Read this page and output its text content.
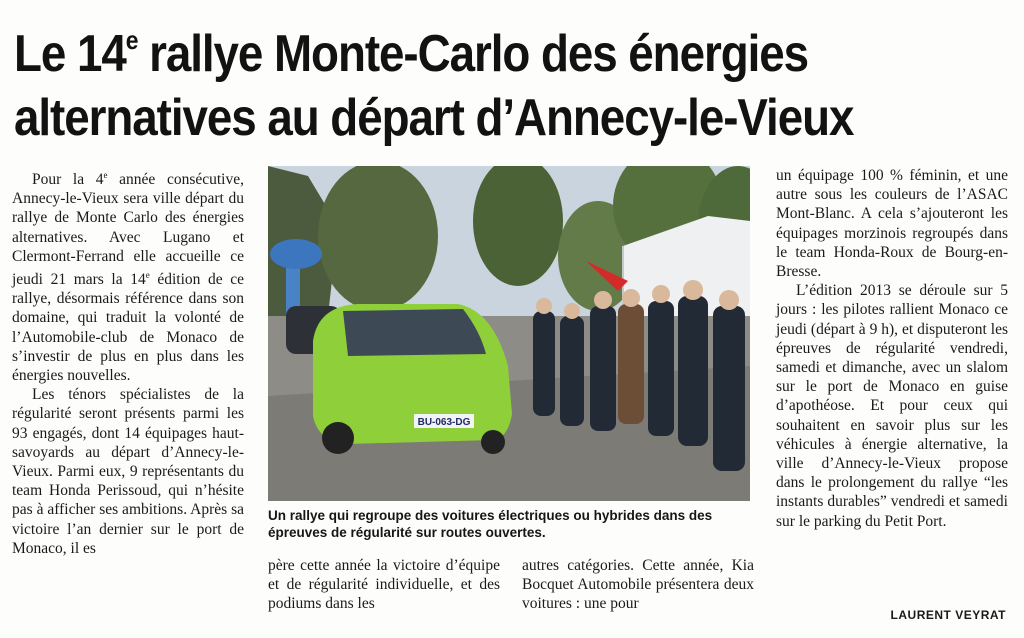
Le 14e rallye Monte-Carlo des énergies
alternatives au départ d’Annecy-le-Vieux

Pour la 4e année consécutive, Annecy-le-Vieux sera ville départ du rallye de Monte Carlo des énergies alternatives. Avec Lugano et Clermont-Ferrand elle accueille ce jeudi 21 mars la 14e édition de ce rallye, désormais référence dans son domaine, qui traduit la volonté de l’Automobile-club de Monaco de s’investir de plus en plus dans les énergies nouvelles.

Les ténors spécialistes de la régularité seront présents parmi les 93 engagés, dont 14 équipages haut-savoyards au départ d’Annecy-le-Vieux. Parmi eux, 9 représentants du team Honda Perissoud, qui n’hésite pas à afficher ses ambitions. Après sa victoire l’an dernier sur le port de Monaco, il es

BU-063-DG
Un rallye qui regroupe des voitures électriques ou hybrides dans des épreuves de régularité sur routes ouvertes.

père cette année la victoire d’équipe et de régularité individuelle, et des podiums dans les

autres catégories. Cette année, Kia Bocquet Automobile présentera deux voitures : une pour

un équipage 100 % féminin, et une autre sous les couleurs de l’ASAC Mont-Blanc. A cela s’ajouteront les équipages morzinois regroupés dans le team Honda-Roux de Bourg-en-Bresse.

L’édition 2013 se déroule sur 5 jours : les pilotes rallient Monaco ce jeudi (départ à 9 h), et disputeront les épreuves de régularité vendredi, samedi et dimanche, avec un slalom sur le port de Monaco en guise d’apothéose. Et pour ceux qui souhaitent en savoir plus sur les véhicules à énergie alternative, la ville d’Annecy-le-Vieux propose dans le prolongement du rallye “les instants durables” vendredi et samedi sur le parking du Petit Port.

LAURENT VEYRAT
